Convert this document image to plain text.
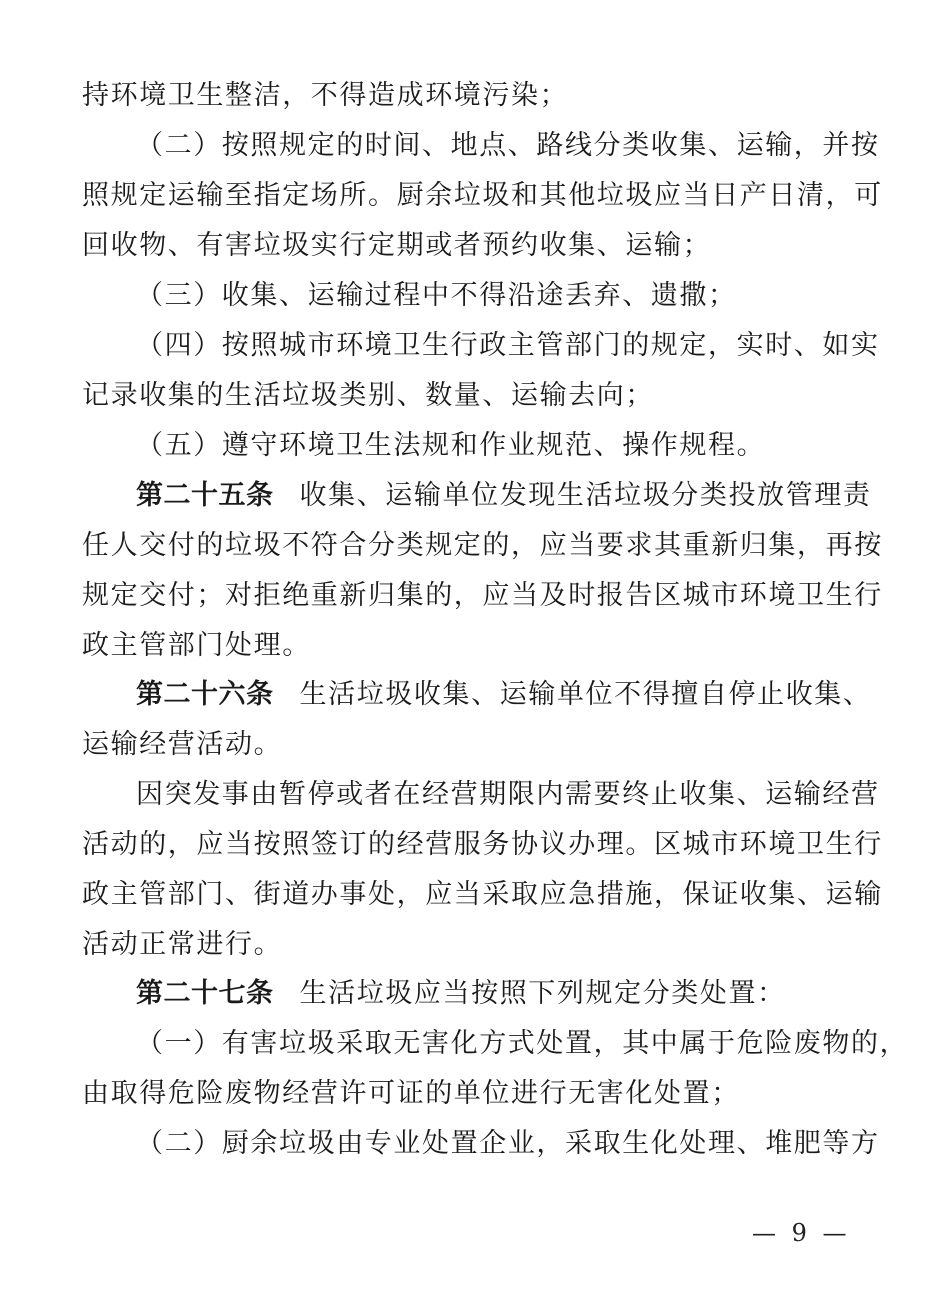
持环境卫生整洁，不得造成环境污染；
（二）按照规定的时间、地点、路线分类收集、运输，并按
照规定运输至指定场所。厨余垃圾和其他垃圾应当日产日清，可
回收物、有害垃圾实行定期或者预约收集、运输；
（三）收集、运输过程中不得沿途丢弃、遗撒；
（四）按照城市环境卫生行政主管部门的规定，实时、如实
记录收集的生活垃圾类别、数量、运输去向；
（五）遵守环境卫生法规和作业规范、操作规程。
第二十五条 收集、运输单位发现生活垃圾分类投放管理责
任人交付的垃圾不符合分类规定的，应当要求其重新归集，再按
规定交付；对拒绝重新归集的，应当及时报告区城市环境卫生行
政主管部门处理。
第二十六条 生活垃圾收集、运输单位不得擅自停止收集、
运输经营活动。
因突发事由暂停或者在经营期限内需要终止收集、运输经营
活动的，应当按照签订的经营服务协议办理。区城市环境卫生行
政主管部门、街道办事处，应当采取应急措施，保证收集、运输
活动正常进行。
第二十七条 生活垃圾应当按照下列规定分类处置：
（一）有害垃圾采取无害化方式处置，其中属于危险废物的，
由取得危险废物经营许可证的单位进行无害化处置；
（二）厨余垃圾由专业处置企业，采取生化处理、堆肥等方
— 9 —
